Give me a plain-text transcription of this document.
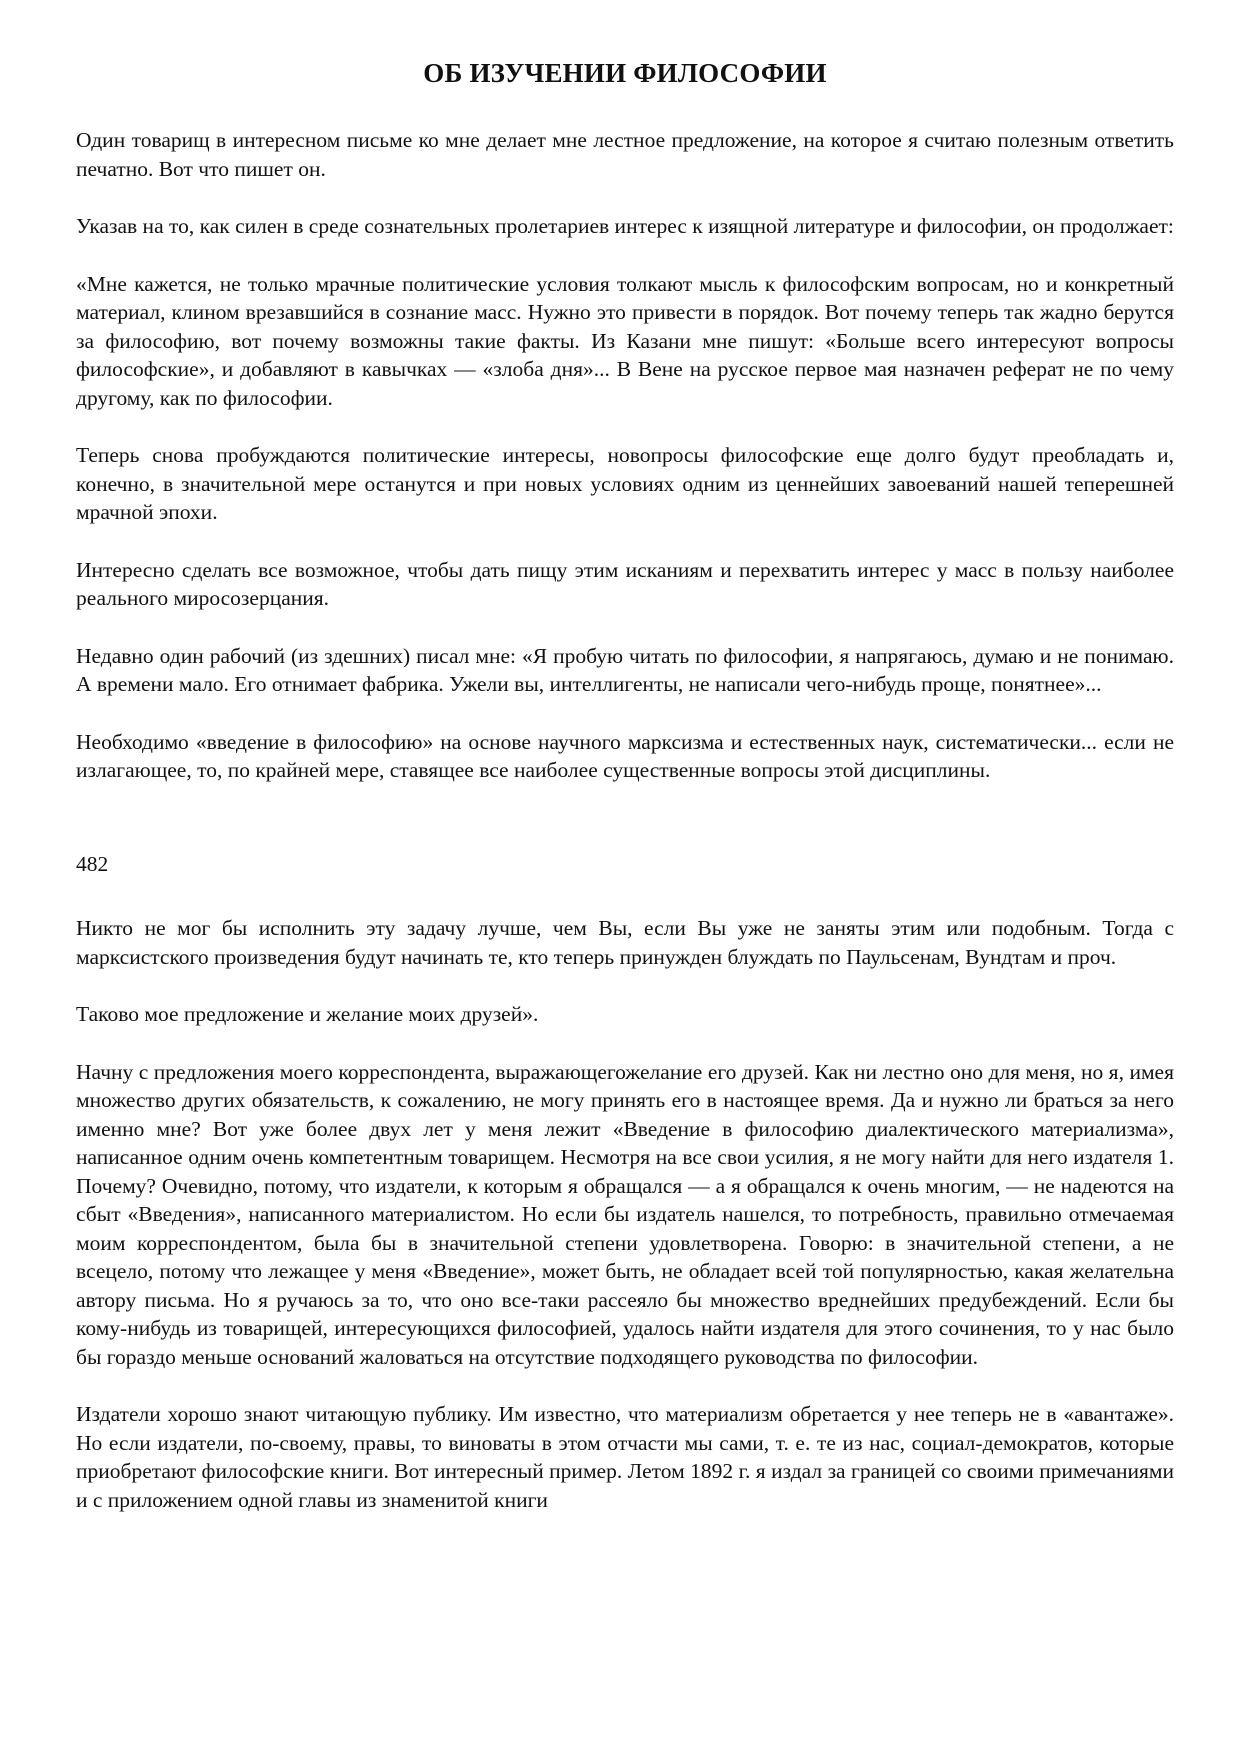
ОБ ИЗУЧЕНИИ ФИЛОСОФИИ

Один товарищ в интересном письме ко мне делает мне лестное предложение, на которое я считаю полезным ответить печатно. Вот что пишет он.

Указав на то, как силен в среде сознательных пролетариев интерес к изящной литературе и философии, он продолжает:

«Мне кажется, не только мрачные политические условия толкают мысль к философским вопросам, но и конкретный материал, клином врезавшийся в сознание масс. Нужно это привести в порядок. Вот почему теперь так жадно берутся за философию, вот почему возможны такие факты. Из Казани мне пишут: «Больше всего интересуют вопросы философские», и добавляют в кавычках — «злоба дня»... В Вене на русское первое мая назначен реферат не по чему другому, как по философии.

Теперь снова пробуждаются политические интересы, новопросы философские еще долго будут преобладать и, конечно, в значительной мере останутся и при новых условиях одним из ценнейших завоеваний нашей теперешней мрачной эпохи.

Интересно сделать все возможное, чтобы дать пищу этим исканиям и перехватить интерес у масс в пользу наиболее реального миросозерцания.

Недавно один рабочий (из здешних) писал мне: «Я пробую читать по философии, я напрягаюсь, думаю и не понимаю. А времени мало. Его отнимает фабрика. Ужели вы, интеллигенты, не написали чего-нибудь проще, понятнее»...

Необходимо «введение в философию» на основе научного марксизма и естественных наук, систематически... если не излагающее, то, по крайней мере, ставящее все наиболее существенные вопросы этой дисциплины.

482

Никто не мог бы исполнить эту задачу лучше, чем Вы, если Вы уже не заняты этим или подобным. Тогда с марксистского произведения будут начинать те, кто теперь принужден блуждать по Паульсенам, Вундтам и проч.

Таково мое предложение и желание моих друзей».

Начну с предложения моего корреспондента, выражающегожелание его друзей. Как ни лестно оно для меня, но я, имея множество других обязательств, к сожалению, не могу принять его в настоящее время. Да и нужно ли браться за него именно мне? Вот уже более двух лет у меня лежит «Введение в философию диалектического материализма», написанное одним очень компетентным товарищем. Несмотря на все свои усилия, я не могу найти для него издателя 1. Почему? Очевидно, потому, что издатели, к которым я обращался — а я обращался к очень многим, — не надеются на сбыт «Введения», написанного материалистом. Но если бы издатель нашелся, то потребность, правильно отмечаемая моим корреспондентом, была бы в значительной степени удовлетворена. Говорю: в значительной степени, а не всецело, потому что лежащее у меня «Введение», может быть, не обладает всей той популярностью, какая желательна автору письма. Но я ручаюсь за то, что оно все-таки рассеяло бы множество вреднейших предубеждений. Если бы кому-нибудь из товарищей, интересующихся философией, удалось найти издателя для этого сочинения, то у нас было бы гораздо меньше оснований жаловаться на отсутствие подходящего руководства по философии.

Издатели хорошо знают читающую публику. Им известно, что материализм обретается у нее теперь не в «авантаже». Но если издатели, по-своему, правы, то виноваты в этом отчасти мы сами, т. е. те из нас, социал-демократов, которые приобретают философские книги. Вот интересный пример. Летом 1892 г. я издал за границей со своими примечаниями и с приложением одной главы из знаменитой книги
